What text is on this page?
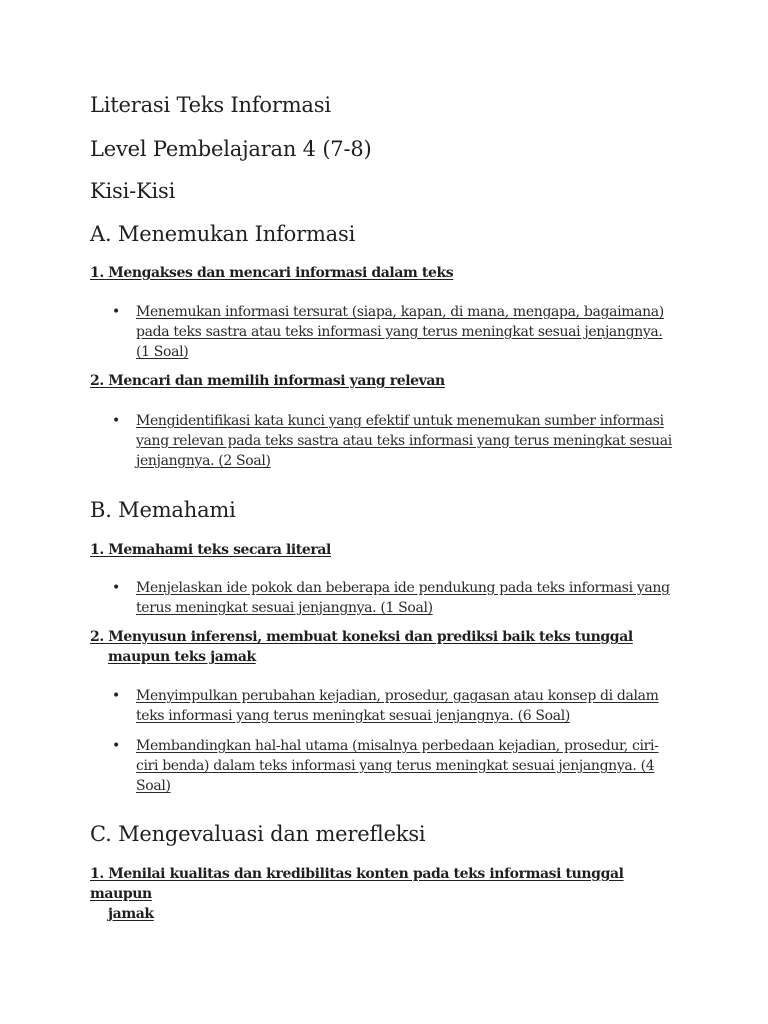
Literasi Teks Informasi
Level Pembelajaran 4 (7-8)
Kisi-Kisi
A. Menemukan Informasi
1. Mengakses dan mencari informasi dalam teks
• Menemukan informasi tersurat (siapa, kapan, di mana, mengapa, bagaimana) pada teks sastra atau teks informasi yang terus meningkat sesuai jenjangnya. (1 Soal)
2. Mencari dan memilih informasi yang relevan
• Mengidentifikasi kata kunci yang efektif untuk menemukan sumber informasi yang relevan pada teks sastra atau teks informasi yang terus meningkat sesuai jenjangnya. (2 Soal)
B. Memahami
1. Memahami teks secara literal
• Menjelaskan ide pokok dan beberapa ide pendukung pada teks informasi yang terus meningkat sesuai jenjangnya. (1 Soal)
2. Menyusun inferensi, membuat koneksi dan prediksi baik teks tunggal
maupun teks jamak
• Menyimpulkan perubahan kejadian, prosedur, gagasan atau konsep di dalam teks informasi yang terus meningkat sesuai jenjangnya. (6 Soal)
• Membandingkan hal-hal utama (misalnya perbedaan kejadian, prosedur, ciri-ciri benda) dalam teks informasi yang terus meningkat sesuai jenjangnya. (4 Soal)
C. Mengevaluasi dan merefleksi
1. Menilai kualitas dan kredibilitas konten pada teks informasi tunggal maupun
jamak
